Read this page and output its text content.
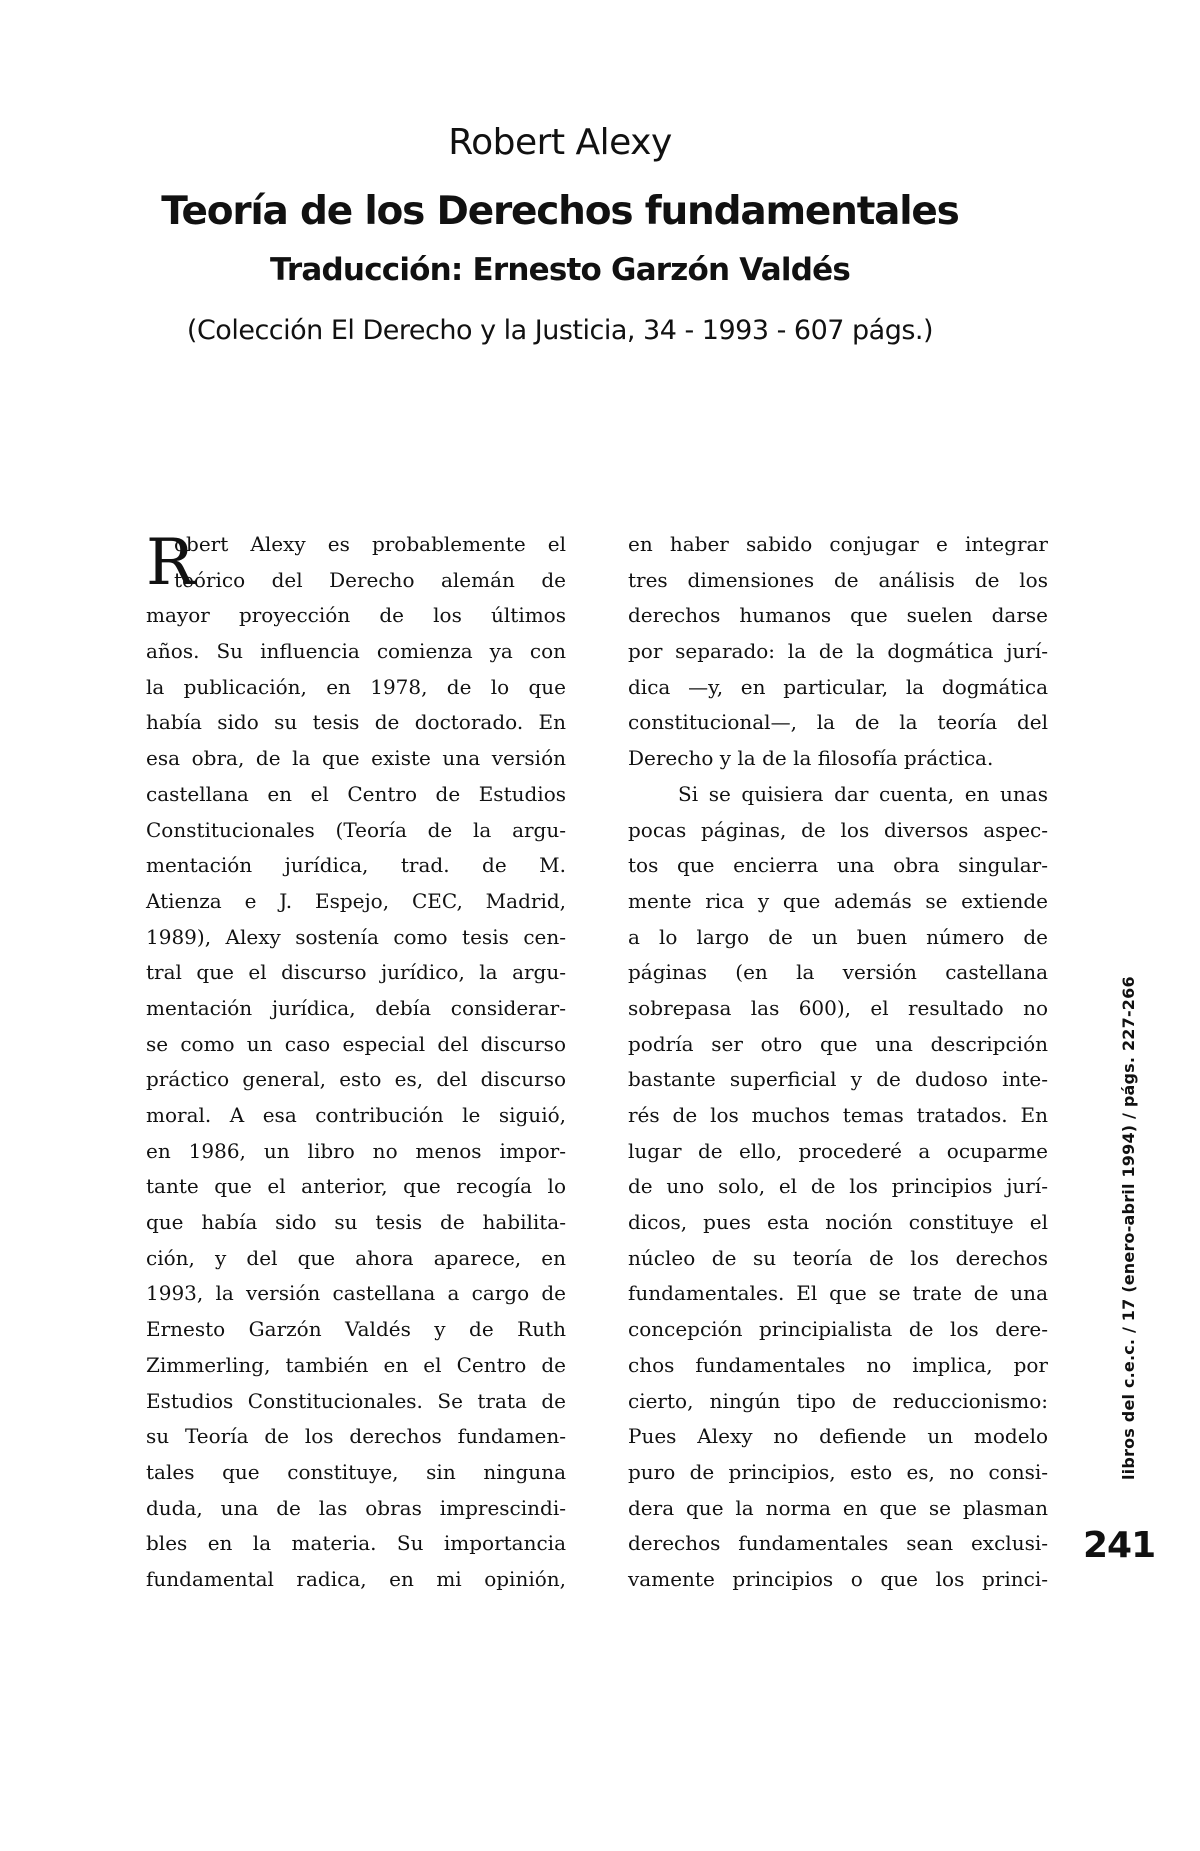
Robert Alexy
Teoría de los Derechos fundamentales
Traducción: Ernesto Garzón Valdés
(Colección El Derecho y la Justicia, 34 - 1993 - 607 págs.)
R
obert Alexy es probablemente el
teórico del Derecho alemán de
mayor proyección de los últimos
años. Su influencia comienza ya con
la publicación, en 1978, de lo que
había sido su tesis de doctorado. En
esa obra, de la que existe una versión
castellana en el Centro de Estudios
Constitucionales (Teoría de la argu-
mentación jurídica, trad. de M.
Atienza e J. Espejo, CEC, Madrid,
1989), Alexy sostenía como tesis cen-
tral que el discurso jurídico, la argu-
mentación jurídica, debía considerar-
se como un caso especial del discurso
práctico general, esto es, del discurso
moral. A esa contribución le siguió,
en 1986, un libro no menos impor-
tante que el anterior, que recogía lo
que había sido su tesis de habilita-
ción, y del que ahora aparece, en
1993, la versión castellana a cargo de
Ernesto Garzón Valdés y de Ruth
Zimmerling, también en el Centro de
Estudios Constitucionales. Se trata de
su Teoría de los derechos fundamen-
tales que constituye, sin ninguna
duda, una de las obras imprescindi-
bles en la materia. Su importancia
fundamental radica, en mi opinión,
en haber sabido conjugar e integrar
tres dimensiones de análisis de los
derechos humanos que suelen darse
por separado: la de la dogmática jurí-
dica —y, en particular, la dogmática
constitucional—, la de la teoría del
Derecho y la de la filosofía práctica.
Si se quisiera dar cuenta, en unas
pocas páginas, de los diversos aspec-
tos que encierra una obra singular-
mente rica y que además se extiende
a lo largo de un buen número de
páginas (en la versión castellana
sobrepasa las 600), el resultado no
podría ser otro que una descripción
bastante superficial y de dudoso inte-
rés de los muchos temas tratados. En
lugar de ello, procederé a ocuparme
de uno solo, el de los principios jurí-
dicos, pues esta noción constituye el
núcleo de su teoría de los derechos
fundamentales. El que se trate de una
concepción principialista de los dere-
chos fundamentales no implica, por
cierto, ningún tipo de reduccionismo:
Pues Alexy no defiende un modelo
puro de principios, esto es, no consi-
dera que la norma en que se plasman
derechos fundamentales sean exclusi-
vamente principios o que los princi-
libros del c.e.c. / 17 (enero-abril 1994) / págs. 227-266
241
